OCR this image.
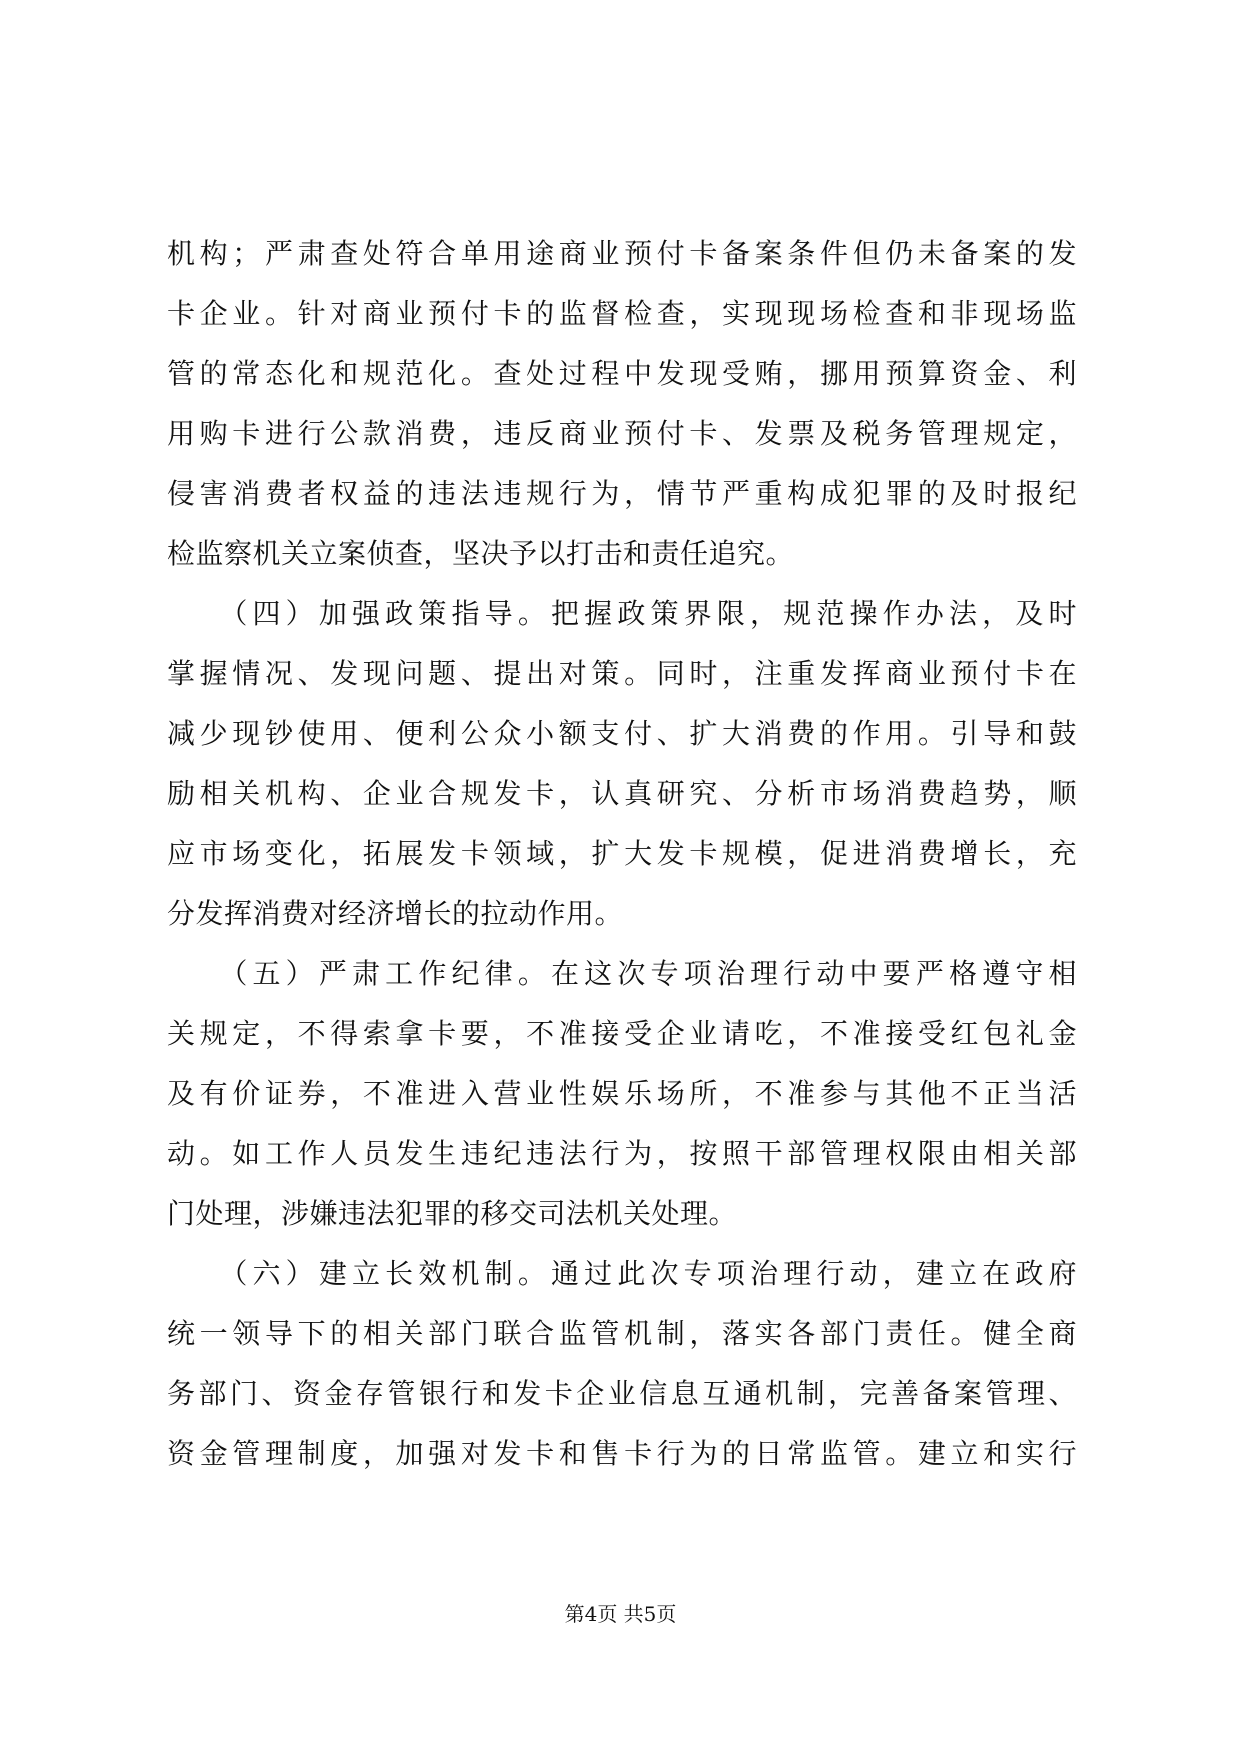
机构；严肃查处符合单用途商业预付卡备案条件但仍未备案的发
卡企业。针对商业预付卡的监督检查，实现现场检查和非现场监
管的常态化和规范化。查处过程中发现受贿，挪用预算资金、利
用购卡进行公款消费，违反商业预付卡、发票及税务管理规定，
侵害消费者权益的违法违规行为，情节严重构成犯罪的及时报纪
检监察机关立案侦查，坚决予以打击和责任追究。
　　（四）加强政策指导。把握政策界限，规范操作办法，及时
掌握情况、发现问题、提出对策。同时，注重发挥商业预付卡在
减少现钞使用、便利公众小额支付、扩大消费的作用。引导和鼓
励相关机构、企业合规发卡，认真研究、分析市场消费趋势，顺
应市场变化，拓展发卡领域，扩大发卡规模，促进消费增长，充
分发挥消费对经济增长的拉动作用。
　　（五）严肃工作纪律。在这次专项治理行动中要严格遵守相
关规定，不得索拿卡要，不准接受企业请吃，不准接受红包礼金
及有价证券，不准进入营业性娱乐场所，不准参与其他不正当活
动。如工作人员发生违纪违法行为，按照干部管理权限由相关部
门处理，涉嫌违法犯罪的移交司法机关处理。
　　（六）建立长效机制。通过此次专项治理行动，建立在政府
统一领导下的相关部门联合监管机制，落实各部门责任。健全商
务部门、资金存管银行和发卡企业信息互通机制，完善备案管理、
资金管理制度，加强对发卡和售卡行为的日常监管。建立和实行
第4页 共5页
